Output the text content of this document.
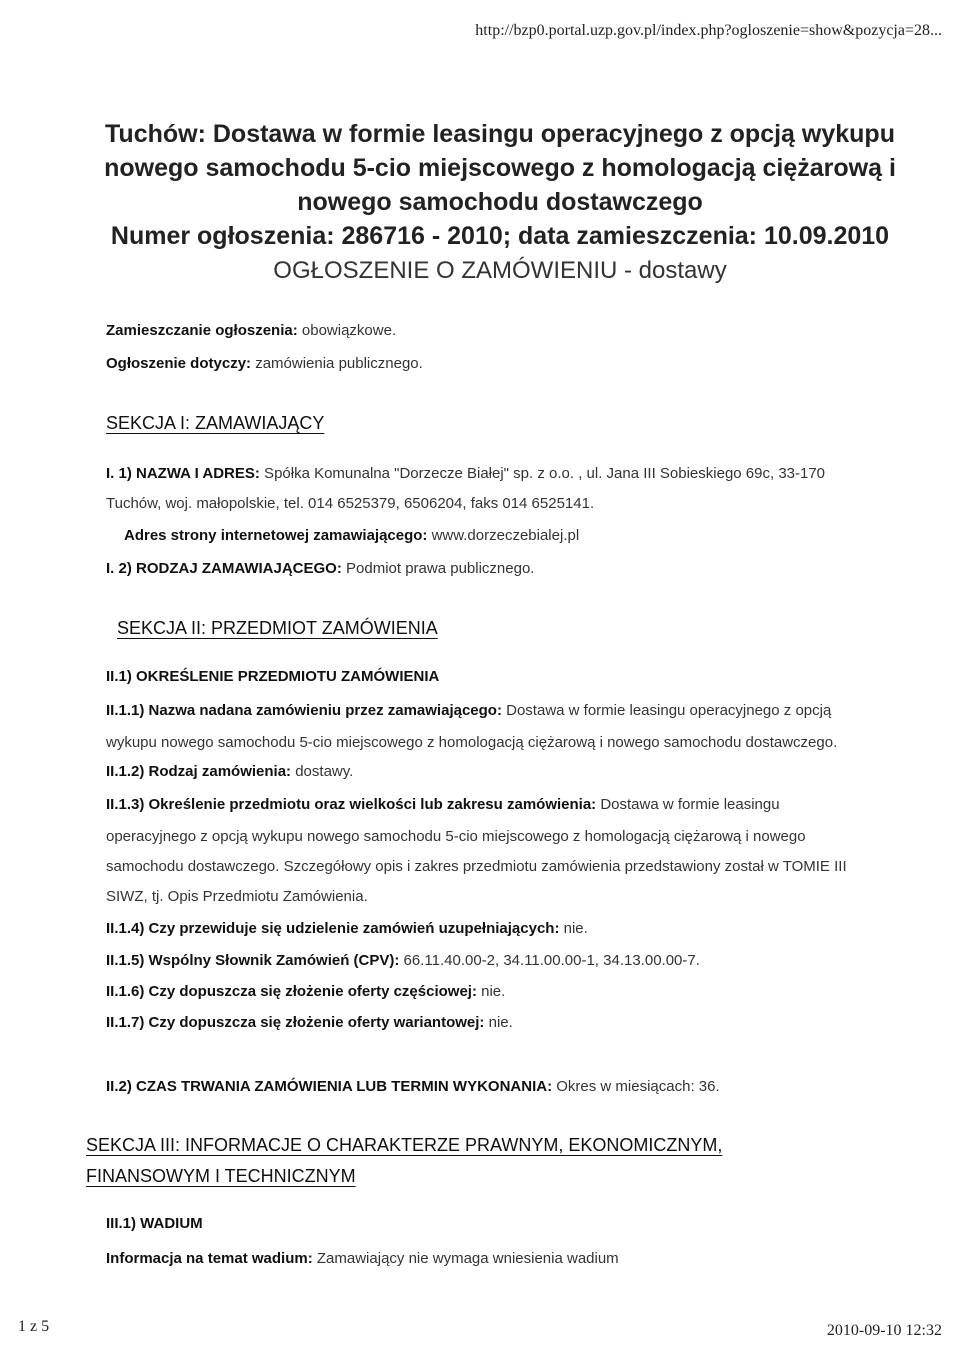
http://bzp0.portal.uzp.gov.pl/index.php?ogloszenie=show&pozycja=28...
Tuchów: Dostawa w formie leasingu operacyjnego z opcją wykupu
nowego samochodu 5-cio miejscowego z homologacją ciężarową i
nowego samochodu dostawczego
Numer ogłoszenia: 286716 - 2010; data zamieszczenia: 10.09.2010
OGŁOSZENIE O ZAMÓWIENIU - dostawy
Zamieszczanie ogłoszenia: obowiązkowe.
Ogłoszenie dotyczy: zamówienia publicznego.
SEKCJA I: ZAMAWIAJĄCY
I. 1) NAZWA I ADRES: Spółka Komunalna "Dorzecze Białej" sp. z o.o. , ul. Jana III Sobieskiego 69c, 33-170
Tuchów, woj. małopolskie, tel. 014 6525379, 6506204, faks 014 6525141.
Adres strony internetowej zamawiającego: www.dorzeczebialej.pl
I. 2) RODZAJ ZAMAWIAJĄCEGO: Podmiot prawa publicznego.
SEKCJA II: PRZEDMIOT ZAMÓWIENIA
II.1) OKREŚLENIE PRZEDMIOTU ZAMÓWIENIA
II.1.1) Nazwa nadana zamówieniu przez zamawiającego: Dostawa w formie leasingu operacyjnego z opcją
wykupu nowego samochodu 5-cio miejscowego z homologacją ciężarową i nowego samochodu dostawczego.
II.1.2) Rodzaj zamówienia: dostawy.
II.1.3) Określenie przedmiotu oraz wielkości lub zakresu zamówienia: Dostawa w formie leasingu
operacyjnego z opcją wykupu nowego samochodu 5-cio miejscowego z homologacją ciężarową i nowego
samochodu dostawczego. Szczegółowy opis i zakres przedmiotu zamówienia przedstawiony został w TOMIE III
SIWZ, tj. Opis Przedmiotu Zamówienia.
II.1.4) Czy przewiduje się udzielenie zamówień uzupełniających: nie.
II.1.5) Wspólny Słownik Zamówień (CPV): 66.11.40.00-2, 34.11.00.00-1, 34.13.00.00-7.
II.1.6) Czy dopuszcza się złożenie oferty częściowej: nie.
II.1.7) Czy dopuszcza się złożenie oferty wariantowej: nie.
II.2) CZAS TRWANIA ZAMÓWIENIA LUB TERMIN WYKONANIA: Okres w miesiącach: 36.
SEKCJA III: INFORMACJE O CHARAKTERZE PRAWNYM, EKONOMICZNYM,
FINANSOWYM I TECHNICZNYM
III.1) WADIUM
Informacja na temat wadium: Zamawiający nie wymaga wniesienia wadium
1 z 5	2010-09-10 12:32
